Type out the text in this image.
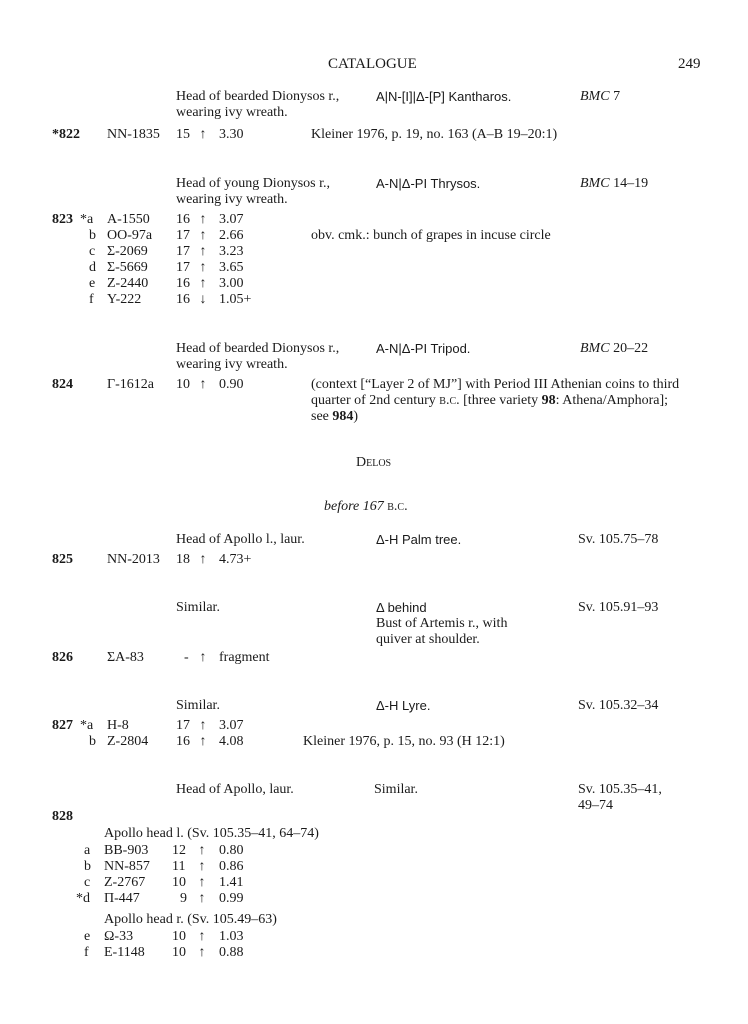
CATALOGUE	249
Head of bearded Dionysos r.,
wearing ivy wreath.
A|N-[I]|Δ-[P] Kantharos.	BMC 7
*822 NN-1835 15 ↑ 3.30	Kleiner 1976, p. 19, no. 163 (A–B 19–20:1)
Head of young Dionysos r.,
wearing ivy wreath.
A-N|Δ-PI Thrysos.	BMC 14–19
823 *a A-1550 16 ↑ 3.07
b OO-97a 17 ↑ 2.66	obv. cmk.: bunch of grapes in incuse circle
c Σ-2069 17 ↑ 3.23
d Σ-5669 17 ↑ 3.65
e Z-2440 16 ↑ 3.00
f Υ-222 16 ↓ 1.05+
Head of bearded Dionysos r.,
wearing ivy wreath.
A-N|Δ-PI Tripod.	BMC 20–22
824 Γ-1612a 10 ↑ 0.90	(context [“Layer 2 of MJ”] with Period III Athenian coins to third
quarter of 2nd century b.c. [three variety 98: Athena/Amphora];
see 984)
Delos
before 167 b.c.
Head of Apollo l., laur.	Δ-H Palm tree.	Sv. 105.75–78
825 NN-2013 18 ↑ 4.73+
Similar.	Δ behind
Bust of Artemis r., with
quiver at shoulder.
Sv. 105.91–93
826 ΣA-83	- ↑ fragment
Similar.	Δ-H Lyre.	Sv. 105.32–34
827 *a H-8	17 ↑ 3.07
b Z-2804 16 ↑ 4.08	Kleiner 1976, p. 15, no. 93 (H 12:1)
Head of Apollo, laur.	Similar.	Sv. 105.35–41,
49–74
828
Apollo head l. (Sv. 105.35–41, 64–74)
a BB-903 12 ↑ 0.80
b NN-857 11 ↑ 0.86
c Z-2767 10 ↑ 1.41
*d Π-447	9 ↑ 0.99
Apollo head r. (Sv. 105.49–63)
e Ω-33	10 ↑ 1.03
f E-1148 10 ↑ 0.88
